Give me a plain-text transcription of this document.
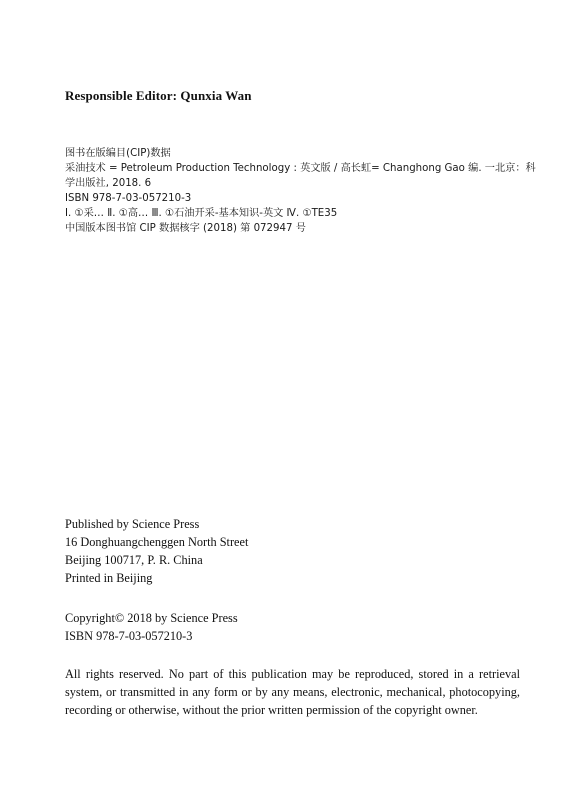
Responsible Editor: Qunxia Wan
图书在版编目(CIP)数据
采油技术 = Petroleum Production Technology : 英文版 / 高长虹= Changhong Gao 编. 一北京：科
学出版社, 2018. 6
ISBN 978-7-03-057210-3
Ⅰ. ①采… Ⅱ. ①高… Ⅲ. ①石油开采-基本知识-英文 Ⅳ. ①TE35
中国版本图书馆 CIP 数据核字 (2018) 第 072947 号
Published by Science Press
16 Donghuangchenggen North Street
Beijing 100717, P. R. China
Printed in Beijing
Copyright© 2018 by Science Press
ISBN 978-7-03-057210-3
All rights reserved. No part of this publication may be reproduced, stored in a retrieval system, or transmitted in any form or by any means, electronic, mechanical, photocopying, recording or otherwise, without the prior written permission of the copyright owner.
